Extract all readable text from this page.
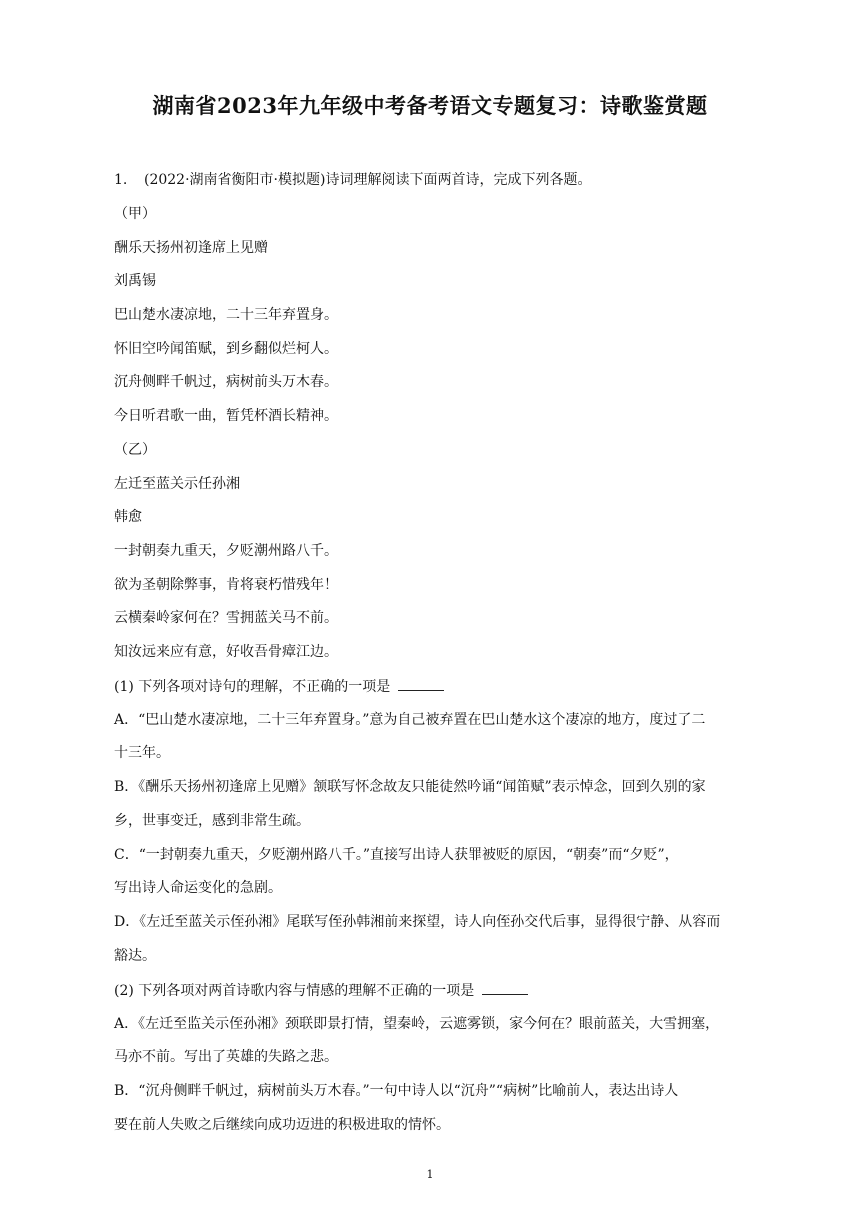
湖南省2023年九年级中考备考语文专题复习：诗歌鉴赏题
1. (2022·湖南省衡阳市·模拟题)诗词理解阅读下面两首诗，完成下列各题。
（甲）
酬乐天扬州初逢席上见赠
刘禹锡
巴山楚水凄凉地，二十三年弃置身。
怀旧空吟闻笛赋，到乡翻似烂柯人。
沉舟侧畔千帆过，病树前头万木春。
今日听君歌一曲，暂凭杯酒长精神。
（乙）
左迁至蓝关示任孙湘
韩愈
一封朝奏九重天，夕贬潮州路八千。
欲为圣朝除弊事，肯将衰朽惜残年！
云横秦岭家何在？雪拥蓝关马不前。
知汝远来应有意，好收吾骨瘴江边。
(1) 下列各项对诗句的理解，不正确的一项是
A．“巴山楚水凄凉地，二十三年弃置身。”意为自己被弃置在巴山楚水这个凄凉的地方，度过了二
十三年。
B．《酬乐天扬州初逢席上见赠》颔联写怀念故友只能徒然吟诵“闻笛赋”表示悼念，回到久别的家
乡，世事变迁，感到非常生疏。
C．“一封朝奏九重天，夕贬潮州路八千。”直接写出诗人获罪被贬的原因，“朝奏”而“夕贬”，
写出诗人命运变化的急剧。
D．《左迁至蓝关示侄孙湘》尾联写侄孙韩湘前来探望，诗人向侄孙交代后事，显得很宁静、从容而
豁达。
(2) 下列各项对两首诗歌内容与情感的理解不正确的一项是
A．《左迁至监关示侄孙湘》颈联即景打情，望秦岭，云遮雾锁，家今何在？眼前蓝关，大雪拥塞，
马亦不前。写出了英雄的失路之悲。
B．“沉舟侧畔千帆过，病树前头万木春。”一句中诗人以“沉舟”“病树”比喻前人，表达出诗人
要在前人失败之后继续向成功迈进的积极进取的情怀。
1
